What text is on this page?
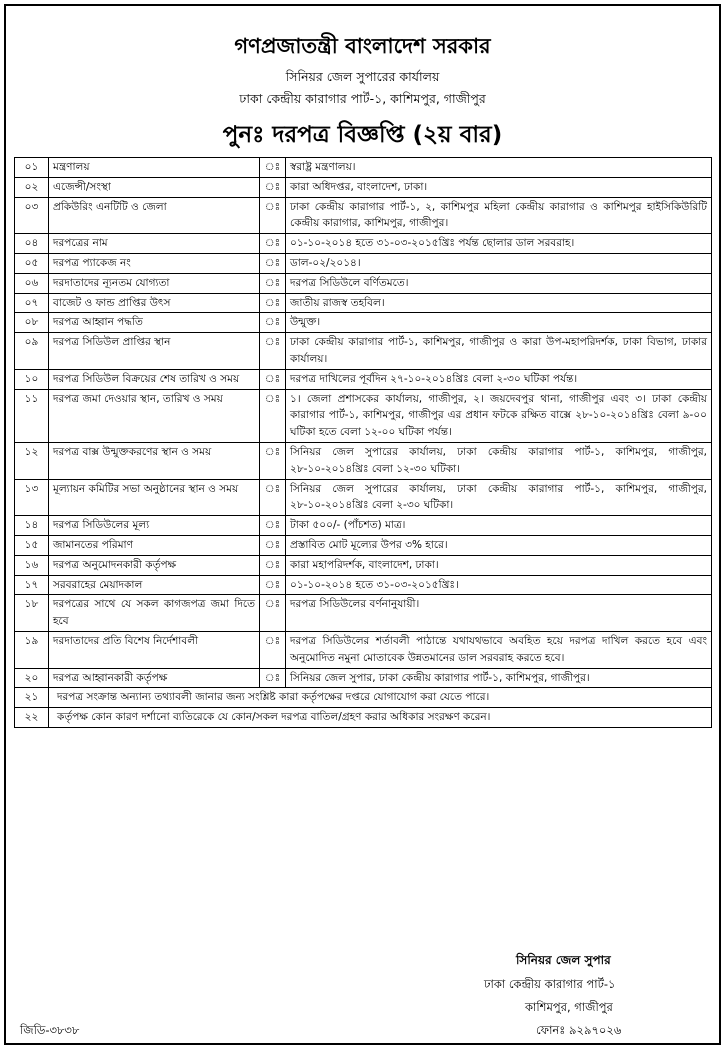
গণপ্রজাতন্ত্রী বাংলাদেশ সরকার
সিনিয়র জেল সুপারের কার্যালয়
ঢাকা কেন্দ্রীয় কারাগার পার্ট-১, কাশিমপুর, গাজীপুর
পুনঃ দরপত্র বিজ্ঞপ্তি (২য় বার)
০১	মন্ত্রণালয়	ঃ	স্বরাষ্ট্র মন্ত্রণালয়।
০২	এজেন্সী/সংস্থা	ঃ	কারা অধিদপ্তর, বাংলাদেশ, ঢাকা।
০৩	প্রকিউরিং এনটিটি ও জেলা	ঃ	ঢাকা কেন্দ্রীয় কারাগার পার্ট-১, ২, কাশিমপুর মহিলা কেন্দ্রীয় কারাগার ও কাশিমপুর হাইসিকিউরিটি কেন্দ্রীয় কারাগার, কাশিমপুর, গাজীপুর।
০৪	দরপত্রের নাম	ঃ	০১-১০-২০১৪ হতে ৩১-০৩-২০১৫খ্রিঃ পর্যন্ত ছোলার ডাল সরবরাহ।
০৫	দরপত্র প্যাকেজ নং	ঃ	ডাল-০২/২০১৪।
০৬	দরদাতাদের ন্যূনতম যোগ্যতা	ঃ	দরপত্র সিডিউলে বর্ণিতমতে।
০৭	বাজেট ও ফান্ড প্রাপ্তির উৎস	ঃ	জাতীয় রাজস্ব তহবিল।
০৮	দরপত্র আহ্বান পদ্ধতি	ঃ	উন্মুক্ত।
০৯	দরপত্র সিডিউল প্রাপ্তির স্থান	ঃ	ঢাকা কেন্দ্রীয় কারাগার পার্ট-১, কাশিমপুর, গাজীপুর ও কারা উপ-মহাপরিদর্শক, ঢাকা বিভাগ, ঢাকার কার্যালয়।
১০	দরপত্র সিডিউল বিক্রয়ের শেষ তারিখ ও সময়	ঃ	দরপত্র দাখিলের পূর্বদিন ২৭-১০-২০১৪খ্রিঃ বেলা ২-৩০ ঘটিকা পর্যন্ত।
১১	দরপত্র জমা দেওয়ার স্থান, তারিখ ও সময়	ঃ	১। জেলা প্রশাসকের কার্যালয়, গাজীপুর, ২। জয়দেবপুর থানা, গাজীপুর এবং ৩। ঢাকা কেন্দ্রীয় কারাগার পার্ট-১, কাশিমপুর, গাজীপুর এর প্রধান ফটকে রক্ষিত বাক্সে ২৮-১০-২০১৪খ্রিঃ বেলা ৯-০০ ঘটিকা হতে বেলা ১২-০০ ঘটিকা পর্যন্ত।
১২	দরপত্র বাক্স উন্মুক্তকরণের স্থান ও সময়	ঃ	সিনিয়র জেল সুপারের কার্যালয়, ঢাকা কেন্দ্রীয় কারাগার পার্ট-১, কাশিমপুর, গাজীপুর, ২৮-১০-২০১৪খ্রিঃ বেলা ১২-৩০ ঘটিকা।
১৩	মূল্যায়ন কমিটির সভা অনুষ্ঠানের স্থান ও সময়	ঃ	সিনিয়র জেল সুপারের কার্যালয়, ঢাকা কেন্দ্রীয় কারাগার পার্ট-১, কাশিমপুর, গাজীপুর, ২৮-১০-২০১৪খ্রিঃ বেলা ২-৩০ ঘটিকা।
১৪	দরপত্র সিডিউলের মূল্য	ঃ	টাকা ৫০০/- (পাঁচশত) মাত্র।
১৫	জামানতের পরিমাণ	ঃ	প্রস্তাবিত মোট মূল্যের উপর ৩% হারে।
১৬	দরপত্র অনুমোদনকারী কর্তৃপক্ষ	ঃ	কারা মহাপরিদর্শক, বাংলাদেশ, ঢাকা।
১৭	সরবরাহের মেয়াদকাল	ঃ	০১-১০-২০১৪ হতে ৩১-০৩-২০১৫খ্রিঃ।
১৮	দরপত্রের সাথে যে সকল কাগজপত্র জমা দিতে হবে	ঃ	দরপত্র সিডিউলের বর্ণনানুযায়ী।
১৯	দরদাতাদের প্রতি বিশেষ নির্দেশাবলী	ঃ	দরপত্র সিডিউলের শর্তাবলী পাঠান্তে যথাযথভাবে অবহিত হয়ে দরপত্র দাখিল করতে হবে এবং অনুমোদিত নমুনা মোতাবেক উন্নতমানের ডাল সরবরাহ করতে হবে।
২০	দরপত্র আহ্বানকারী কর্তৃপক্ষ	ঃ	সিনিয়র জেল সুপার, ঢাকা কেন্দ্রীয় কারাগার পার্ট-১, কাশিমপুর, গাজীপুর।
২১	দরপত্র সংক্রান্ত অন্যান্য তথ্যাবলী জানার জন্য সংশ্লিষ্ট কারা কর্তৃপক্ষের দপ্তরে যোগাযোগ করা যেতে পারে।		
২২	কর্তৃপক্ষ কোন কারণ দর্শানো ব্যতিরেকে যে কোন/সকল দরপত্র বাতিল/গ্রহণ করার অধিকার সংরক্ষণ করেন।		
জিডি-৩৮৩৮
সিনিয়র জেল সুপার
ঢাকা কেন্দ্রীয় কারাগার পার্ট-১
কাশিমপুর, গাজীপুর
ফোনঃ ৯২৯৭০২৬
